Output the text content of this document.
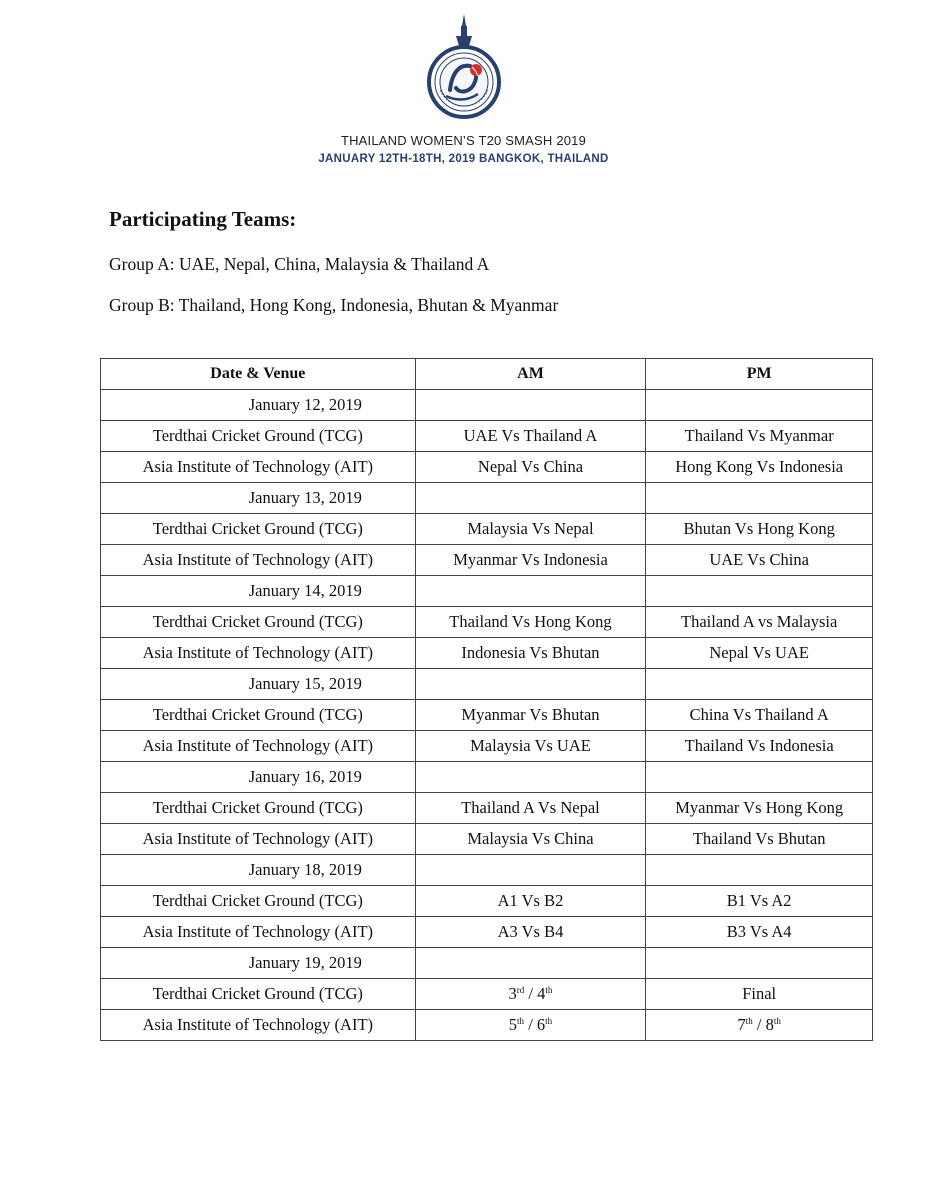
THAILAND WOMEN’S T20 SMASH 2019
JANUARY 12TH-18TH, 2019 BANGKOK, THAILAND
Participating Teams:
Group A: UAE, Nepal, China, Malaysia & Thailand A
Group B: Thailand, Hong Kong, Indonesia, Bhutan & Myanmar
Date & Venue	AM	PM
January 12, 2019		
Terdthai Cricket Ground (TCG)	UAE Vs Thailand A	Thailand Vs Myanmar
Asia Institute of Technology (AIT)	Nepal Vs China	Hong Kong Vs Indonesia
January 13, 2019		
Terdthai Cricket Ground (TCG)	Malaysia Vs Nepal	Bhutan Vs Hong Kong
Asia Institute of Technology (AIT)	Myanmar Vs Indonesia	UAE Vs China
January 14, 2019		
Terdthai Cricket Ground (TCG)	Thailand Vs Hong Kong	Thailand A vs Malaysia
Asia Institute of Technology (AIT)	Indonesia Vs Bhutan	Nepal Vs UAE
January 15, 2019		
Terdthai Cricket Ground (TCG)	Myanmar Vs Bhutan	China Vs Thailand A
Asia Institute of Technology (AIT)	Malaysia Vs UAE	Thailand Vs Indonesia
January 16, 2019		
Terdthai Cricket Ground (TCG)	Thailand A Vs Nepal	Myanmar Vs Hong Kong
Asia Institute of Technology (AIT)	Malaysia Vs China	Thailand Vs Bhutan
January 18, 2019		
Terdthai Cricket Ground (TCG)	A1 Vs B2	B1 Vs A2
Asia Institute of Technology (AIT)	A3 Vs B4	B3 Vs A4
January 19, 2019		
Terdthai Cricket Ground (TCG)	3rd / 4th	Final
Asia Institute of Technology (AIT)	5th / 6th	7th / 8th
